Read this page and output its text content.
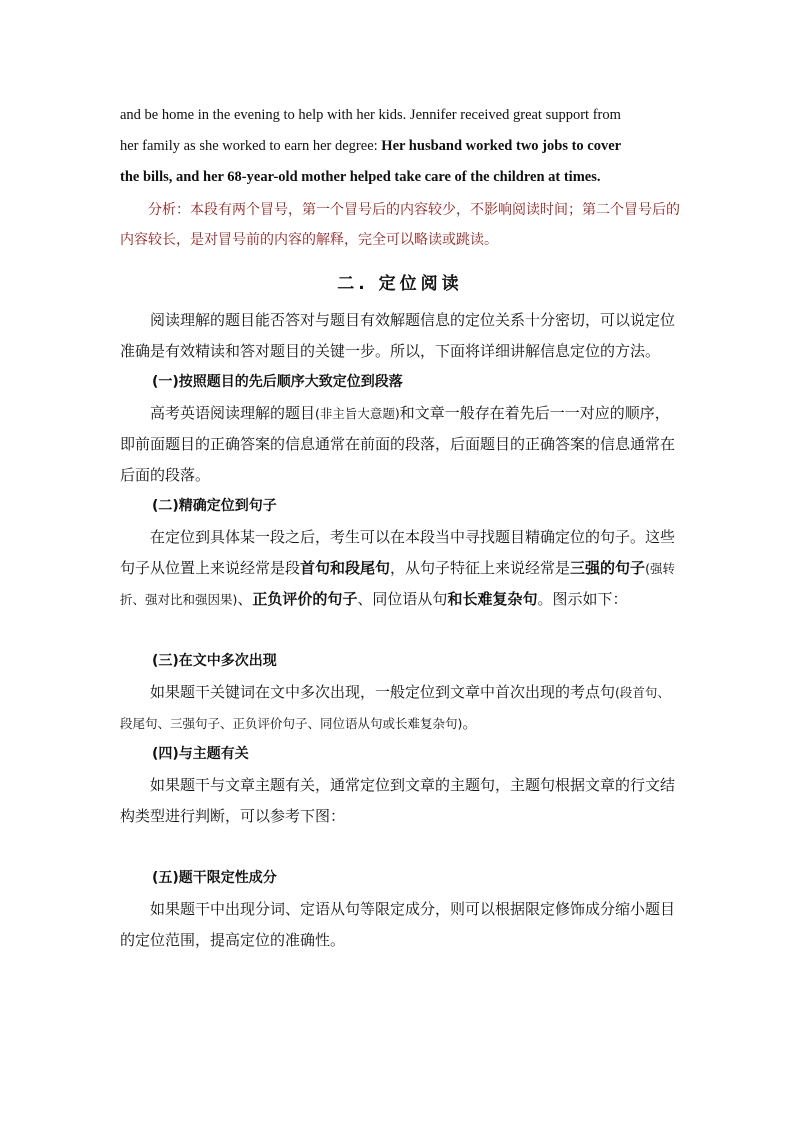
and be home in the evening to help with her kids. Jennifer received great support from
her family as she worked to earn her degree: Her husband worked two jobs to cover
the bills, and her 68-year-old mother helped take care of the children at times.

分析：本段有两个冒号，第一个冒号后的内容较少，不影响阅读时间；第二个冒号后的内容较长，是对冒号前的内容的解释，完全可以略读或跳读。

二. 定位阅读

阅读理解的题目能否答对与题目有效解题信息的定位关系十分密切，可以说定位准确是有效精读和答对题目的关键一步。所以，下面将详细讲解信息定位的方法。

(一)按照题目的先后顺序大致定位到段落

高考英语阅读理解的题目(非主旨大意题)和文章一般存在着先后一一对应的顺序，即前面题目的正确答案的信息通常在前面的段落，后面题目的正确答案的信息通常在后面的段落。

(二)精确定位到句子

在定位到具体某一段之后，考生可以在本段当中寻找题目精确定位的句子。这些句子从位置上来说经常是段首句和段尾句，从句子特征上来说经常是三强的句子(强转折、强对比和强因果)、正负评价的句子、同位语从句和长难复杂句。图示如下：

(三)在文中多次出现

如果题干关键词在文中多次出现，一般定位到文章中首次出现的考点句(段首句、段尾句、三强句子、正负评价句子、同位语从句或长难复杂句)。

(四)与主题有关

如果题干与文章主题有关，通常定位到文章的主题句，主题句根据文章的行文结构类型进行判断，可以参考下图：

(五)题干限定性成分

如果题干中出现分词、定语从句等限定成分，则可以根据限定修饰成分缩小题目的定位范围，提高定位的准确性。
